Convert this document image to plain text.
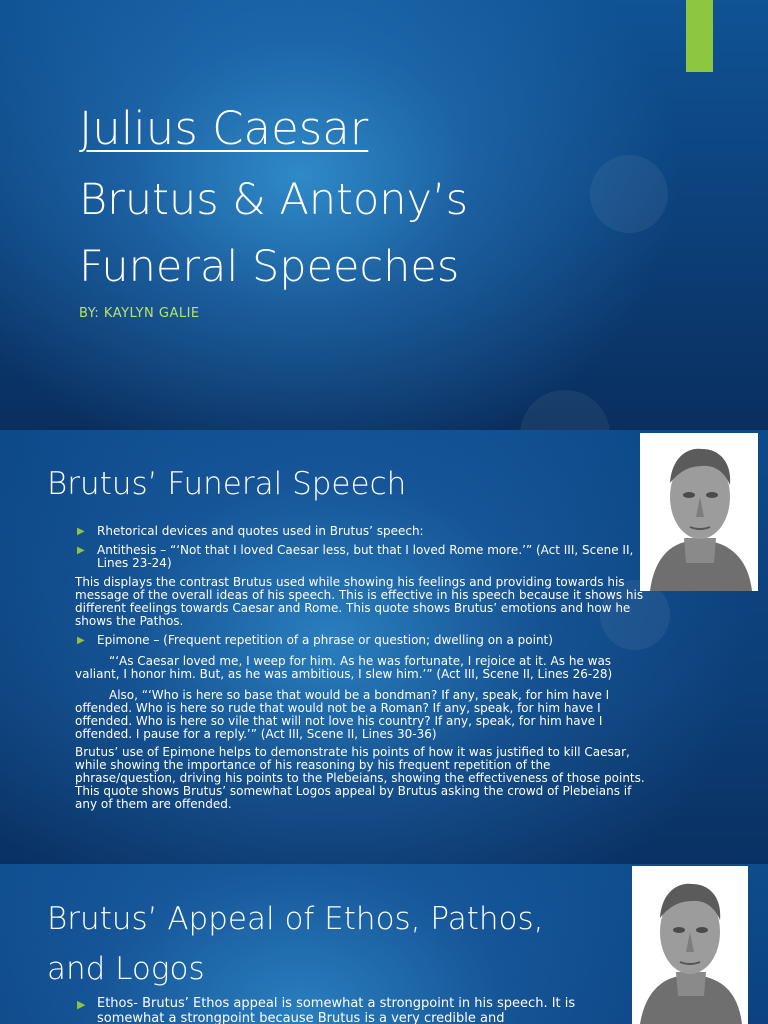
Julius Caesar
Brutus & Antony’s
Funeral Speeches
BY: KAYLYN GALIE
Brutus’ Funeral Speech

▶ Rhetorical devices and quotes used in Brutus’ speech:

▶ Antithesis – “‘Not that I loved Caesar less, but that I loved Rome more.’” (Act III, Scene II, Lines 23-24)

This displays the contrast Brutus used while showing his feelings and providing towards his message of the overall ideas of his speech. This is effective in his speech because it shows his different feelings towards Caesar and Rome. This quote shows Brutus’ emotions and how he shows the Pathos.

▶ Epimone – (Frequent repetition of a phrase or question; dwelling on a point)

“‘As Caesar loved me, I weep for him. As he was fortunate, I rejoice at it. As he was valiant, I honor him. But, as he was ambitious, I slew him.’” (Act III, Scene II, Lines 26-28)

Also, “‘Who is here so base that would be a bondman? If any, speak, for him have I offended. Who is here so rude that would not be a Roman? If any, speak, for him have I offended. Who is here so vile that will not love his country? If any, speak, for him have I offended. I pause for a reply.’” (Act III, Scene II, Lines 30-36)

Brutus’ use of Epimone helps to demonstrate his points of how it was justified to kill Caesar, while showing the importance of his reasoning by his frequent repetition of the phrase/question, driving his points to the Plebeians, showing the effectiveness of those points. This quote shows Brutus’ somewhat Logos appeal by Brutus asking the crowd of Plebeians if any of them are offended.

Brutus’ Appeal of Ethos, Pathos, and Logos

▶ Ethos- Brutus’ Ethos appeal is somewhat a strongpoint in his speech. It is somewhat a strongpoint because Brutus is a very credible and
